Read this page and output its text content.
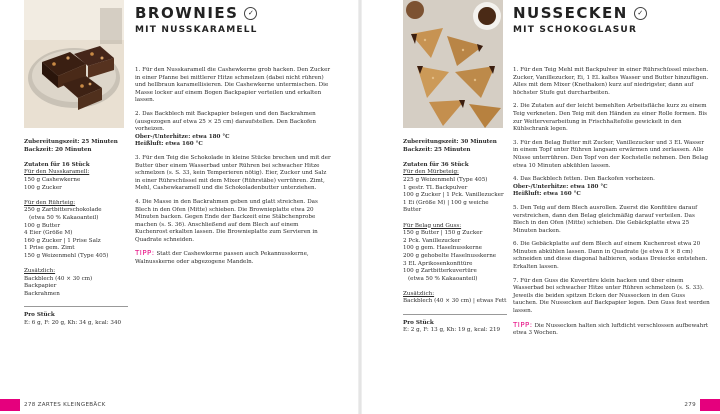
BROWNIES ✓
MIT NUSSKARAMELL
Zubereitungszeit: 25 Minuten
Backzeit: 20 Minuten
Zutaten für 16 Stück
Für den Nusskaramell:
150 g Cashewkerne
100 g Zucker
Für den Rührteig:
250 g Zartbitterschokolade
(etwa 50 % Kakaoanteil)
100 g Butter
4 Eier (Größe M)
160 g Zucker | 1 Prise Salz
1 Prise gem. Zimt
150 g Weizenmehl (Type 405)
Zusätzlich:
Backblech (40 × 30 cm)
Backpapier
Backrahmen
Pro Stück
E: 6 g, F: 20 g, Kh: 34 g, kcal: 340

1. Für den Nusskaramell die Cashewkerne grob hacken. Den Zucker in einer Pfanne bei mittlerer Hitze schmelzen (dabei nicht rühren) und hellbraun karamellisieren. Die Cashewkerne untermischen. Die Masse locker auf einem Bogen Backpapier verteilen und erkalten lassen.

2. Das Backblech mit Backpapier belegen und den Backrahmen (ausgezogen auf etwa 25 × 25 cm) daraufstellen. Den Backofen vorheizen.
Ober-/Unterhitze: etwa 180 °C
Heißluft: etwa 160 °C

3. Für den Teig die Schokolade in kleine Stücke brechen und mit der Butter über einem Wasserbad unter Rühren bei schwacher Hitze schmelzen (s. S. 33, kein Temperieren nötig). Eier, Zucker und Salz in einer Rührschüssel mit dem Mixer (Rührstäbe) verrühren. Zimt, Mehl, Cashewkaramell und die Schokoladenbutter unterziehen.

4. Die Masse in den Backrahmen geben und glatt streichen. Das Blech in den Ofen (Mitte) schieben. Die Brownieplatte etwa 20 Minuten backen. Gegen Ende der Backzeit eine Stäbchenprobe machen (s. S. 36). Anschließend auf dem Blech auf einem Kuchenrost erkalten lassen. Die Brownieplatte zum Servieren in Quadrate schneiden.

TIPP: Statt der Cashewkerne passen auch Pekannusskerne, Walnusskerne oder abgezogene Mandeln.

278 ZARTES KLEINGEBÄCK
NUSSECKEN ✓
MIT SCHOKOGLASUR
Zubereitungszeit: 30 Minuten
Backzeit: 25 Minuten
Zutaten für 36 Stück
Für den Mürbeteig:
225 g Weizenmehl (Type 405)
1 gestr. TL Backpulver
100 g Zucker | 1 Pck. Vanillezucker
1 Ei (Größe M) | 100 g weiche Butter
Für Belag und Guss:
150 g Butter | 150 g Zucker
2 Pck. Vanillezucker
100 g gem. Haselnusskerne
200 g gehobelte Haselnusskerne
3 EL Aprikosenkonfitüre
100 g Zartbitterkuvertüre
(etwa 50 % Kakaoanteil)
Zusätzlich:
Backblech (40 × 30 cm) | etwas Fett
Pro Stück
E: 2 g, F: 13 g, Kh: 19 g, kcal: 219

1. Für den Teig Mehl mit Backpulver in einer Rührschüssel mischen. Zucker, Vanillezucker, Ei, 1 EL kaltes Wasser und Butter hinzufügen. Alles mit dem Mixer (Knethaken) kurz auf niedrigster, dann auf höchster Stufe gut durcharbeiten.

2. Die Zutaten auf der leicht bemehlten Arbeitsfläche kurz zu einem Teig verkneten. Den Teig mit den Händen zu einer Rolle formen. Bis zur Weiterverarbeitung in Frischhaltefolie gewickelt in den Kühlschrank legen.

3. Für den Belag Butter mit Zucker, Vanillezucker und 3 EL Wasser in einem Topf unter Rühren langsam erwärmen und zerlassen. Alle Nüsse unterrühren. Den Topf von der Kochstelle nehmen. Den Belag etwa 10 Minuten abkühlen lassen.

4. Das Backblech fetten. Den Backofen vorheizen.
Ober-/Unterhitze: etwa 180 °C
Heißluft: etwa 160 °C

5. Den Teig auf dem Blech ausrollen. Zuerst die Konfitüre darauf verstreichen, dann den Belag gleichmäßig darauf verteilen. Das Blech in den Ofen (Mitte) schieben. Die Gebäckplatte etwa 25 Minuten backen.

6. Die Gebäckplatte auf dem Blech auf einem Kuchenrost etwa 20 Minuten abkühlen lassen. Dann in Quadrate (je etwa 8 × 8 cm) schneiden und diese diagonal halbieren, sodass Dreiecke entstehen. Erkalten lassen.

7. Für den Guss die Kuvertüre klein hacken und über einem Wasserbad bei schwacher Hitze unter Rühren schmelzen (s. S. 33). Jeweils die beiden spitzen Ecken der Nussecken in den Guss tauchen. Die Nussecken auf Backpapier legen. Den Guss fest werden lassen.

TIPP: Die Nussecken halten sich luftdicht verschlossen aufbewahrt etwa 3 Wochen.

279
